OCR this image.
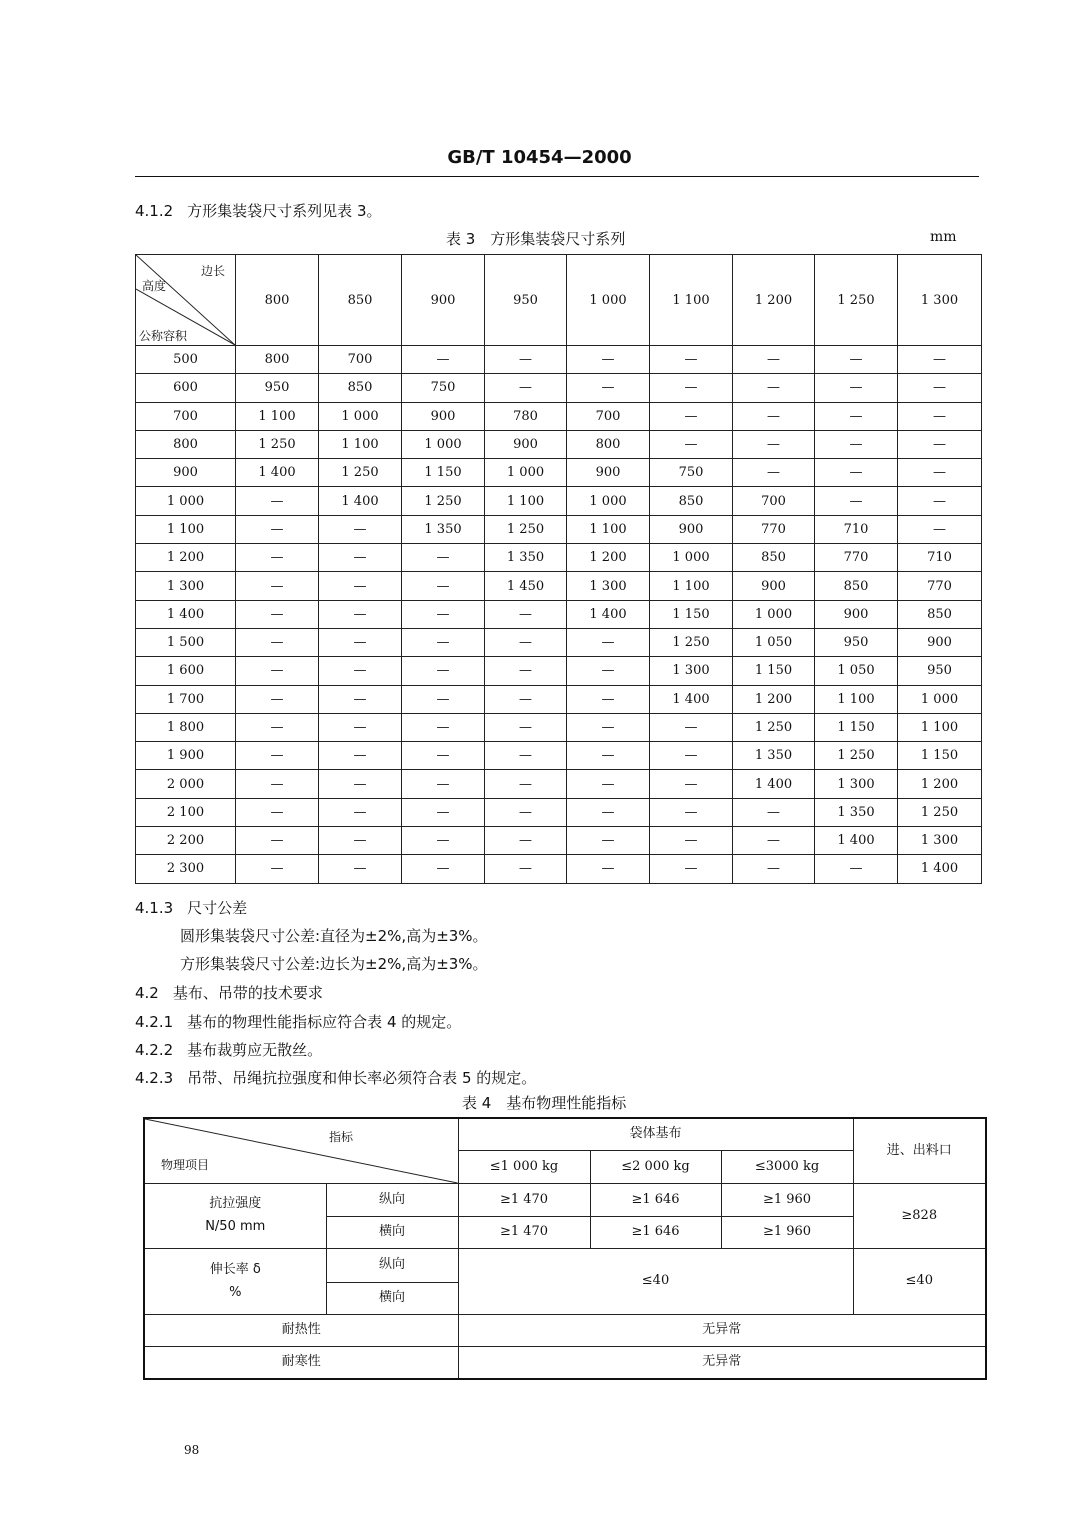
GB/T 10454—2000
4.1.2 方形集装袋尺寸系列见表 3。
表 3　方形集装袋尺寸系列	mm
边长
高度
公称容积	800	850	900	950	1 000	1 100	1 200	1 250	1 300
500	800	700	—	—	—	—	—	—	—
600	950	850	750	—	—	—	—	—	—
700	1 100	1 000	900	780	700	—	—	—	—
800	1 250	1 100	1 000	900	800	—	—	—	—
900	1 400	1 250	1 150	1 000	900	750	—	—	—
1 000	—	1 400	1 250	1 100	1 000	850	700	—	—
1 100	—	—	1 350	1 250	1 100	900	770	710	—
1 200	—	—	—	1 350	1 200	1 000	850	770	710
1 300	—	—	—	1 450	1 300	1 100	900	850	770
1 400	—	—	—	—	1 400	1 150	1 000	900	850
1 500	—	—	—	—	—	1 250	1 050	950	900
1 600	—	—	—	—	—	1 300	1 150	1 050	950
1 700	—	—	—	—	—	1 400	1 200	1 100	1 000
1 800	—	—	—	—	—	—	1 250	1 150	1 100
1 900	—	—	—	—	—	—	1 350	1 250	1 150
2 000	—	—	—	—	—	—	1 400	1 300	1 200
2 100	—	—	—	—	—	—	—	1 350	1 250
2 200	—	—	—	—	—	—	—	1 400	1 300
2 300	—	—	—	—	—	—	—	—	1 400
4.1.3 尺寸公差
圆形集装袋尺寸公差:直径为±2%,高为±3%。
方形集装袋尺寸公差:边长为±2%,高为±3%。
4.2 基布、吊带的技术要求
4.2.1 基布的物理性能指标应符合表 4 的规定。
4.2.2 基布裁剪应无散丝。
4.2.3 吊带、吊绳抗拉强度和伸长率必须符合表 5 的规定。
表 4　基布物理性能指标
指标
物理项目		袋体基布			进、出料口
		≤1 000 kg	≤2 000 kg	≤3000 kg	

抗拉强度
N/50 mm	纵向	≥1 470	≥1 646	≥1 960	≥828
	横向	≥1 470	≥1 646	≥1 960	

伸长率 δ
%	纵向	≤40			≤40
	横向				
耐热性		无异常			
耐寒性		无异常			
98
